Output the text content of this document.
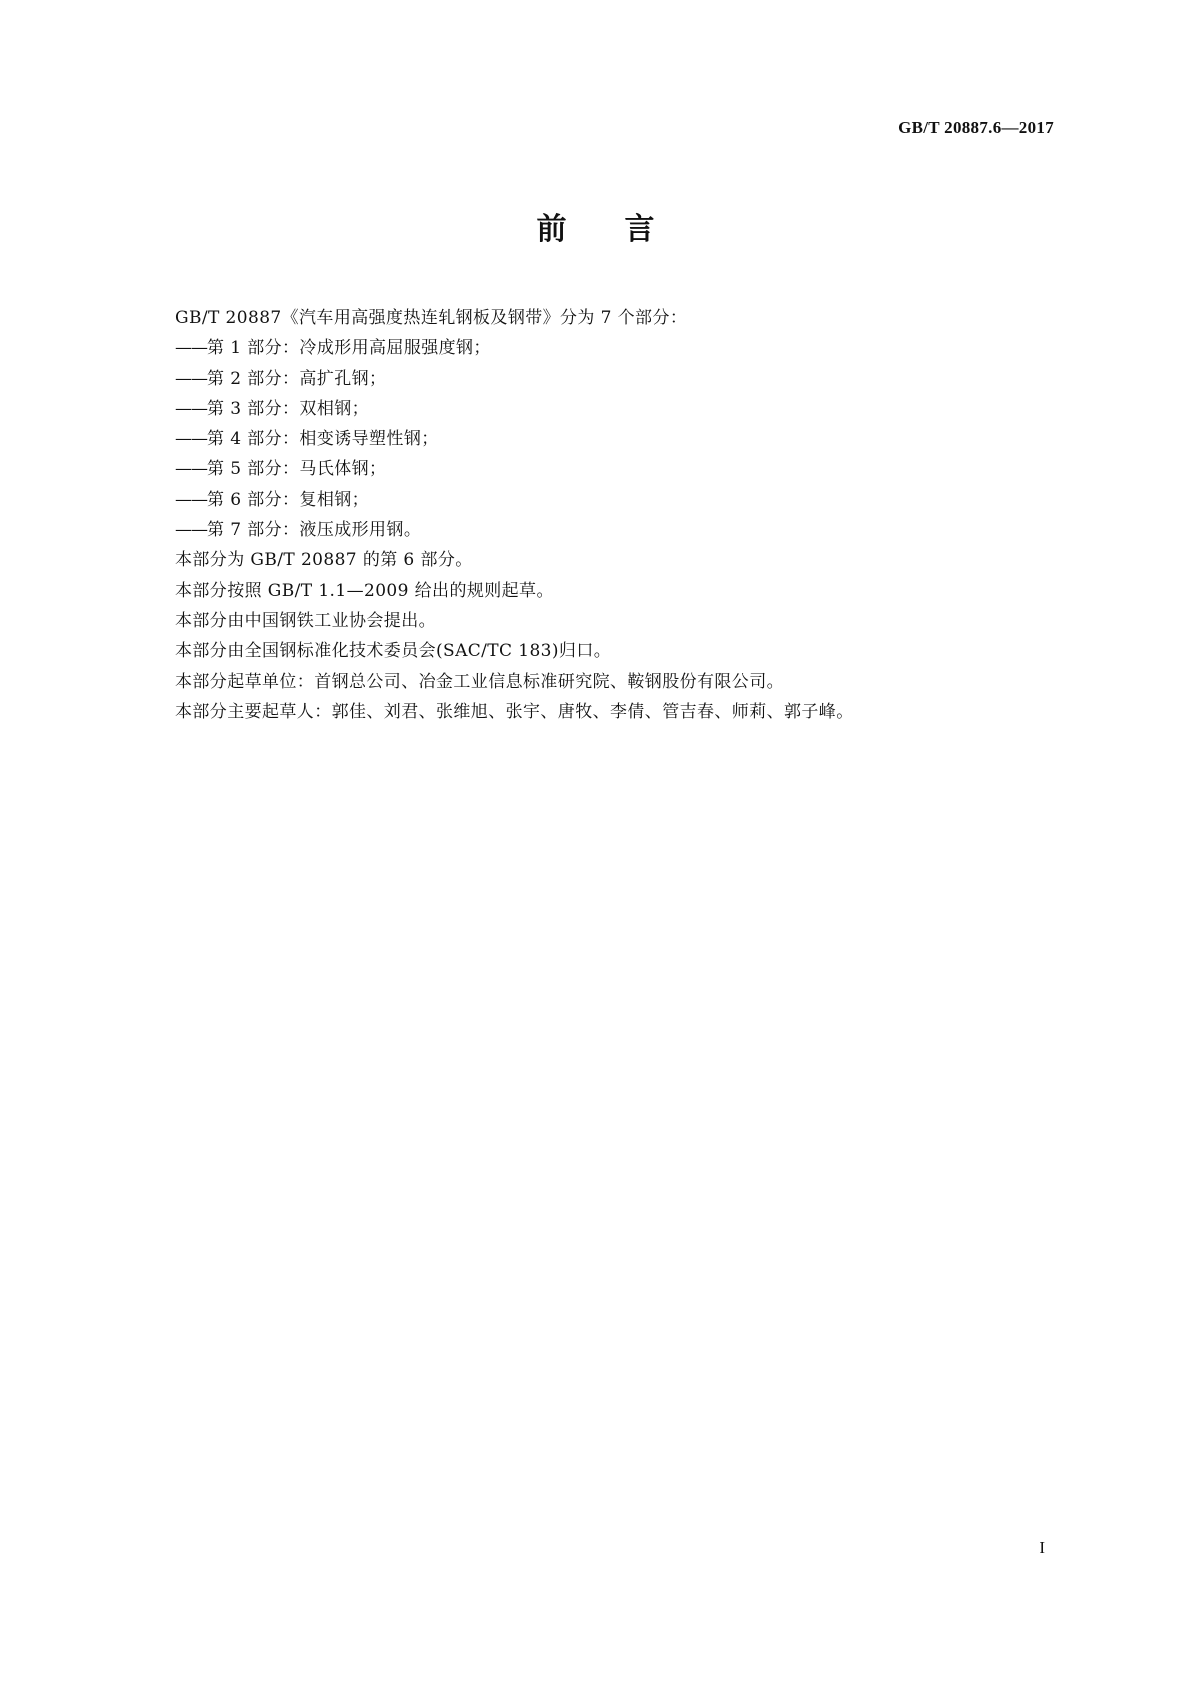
GB/T 20887.6—2017
前言
GB/T 20887《汽车用高强度热连轧钢板及钢带》分为 7 个部分：
——第 1 部分：冷成形用高屈服强度钢；
——第 2 部分：高扩孔钢；
——第 3 部分：双相钢；
——第 4 部分：相变诱导塑性钢；
——第 5 部分：马氏体钢；
——第 6 部分：复相钢；
——第 7 部分：液压成形用钢。
本部分为 GB/T 20887 的第 6 部分。
本部分按照 GB/T 1.1—2009 给出的规则起草。
本部分由中国钢铁工业协会提出。
本部分由全国钢标准化技术委员会(SAC/TC 183)归口。
本部分起草单位：首钢总公司、冶金工业信息标准研究院、鞍钢股份有限公司。
本部分主要起草人：郭佳、刘君、张维旭、张宇、唐牧、李倩、管吉春、师莉、郭子峰。
I
